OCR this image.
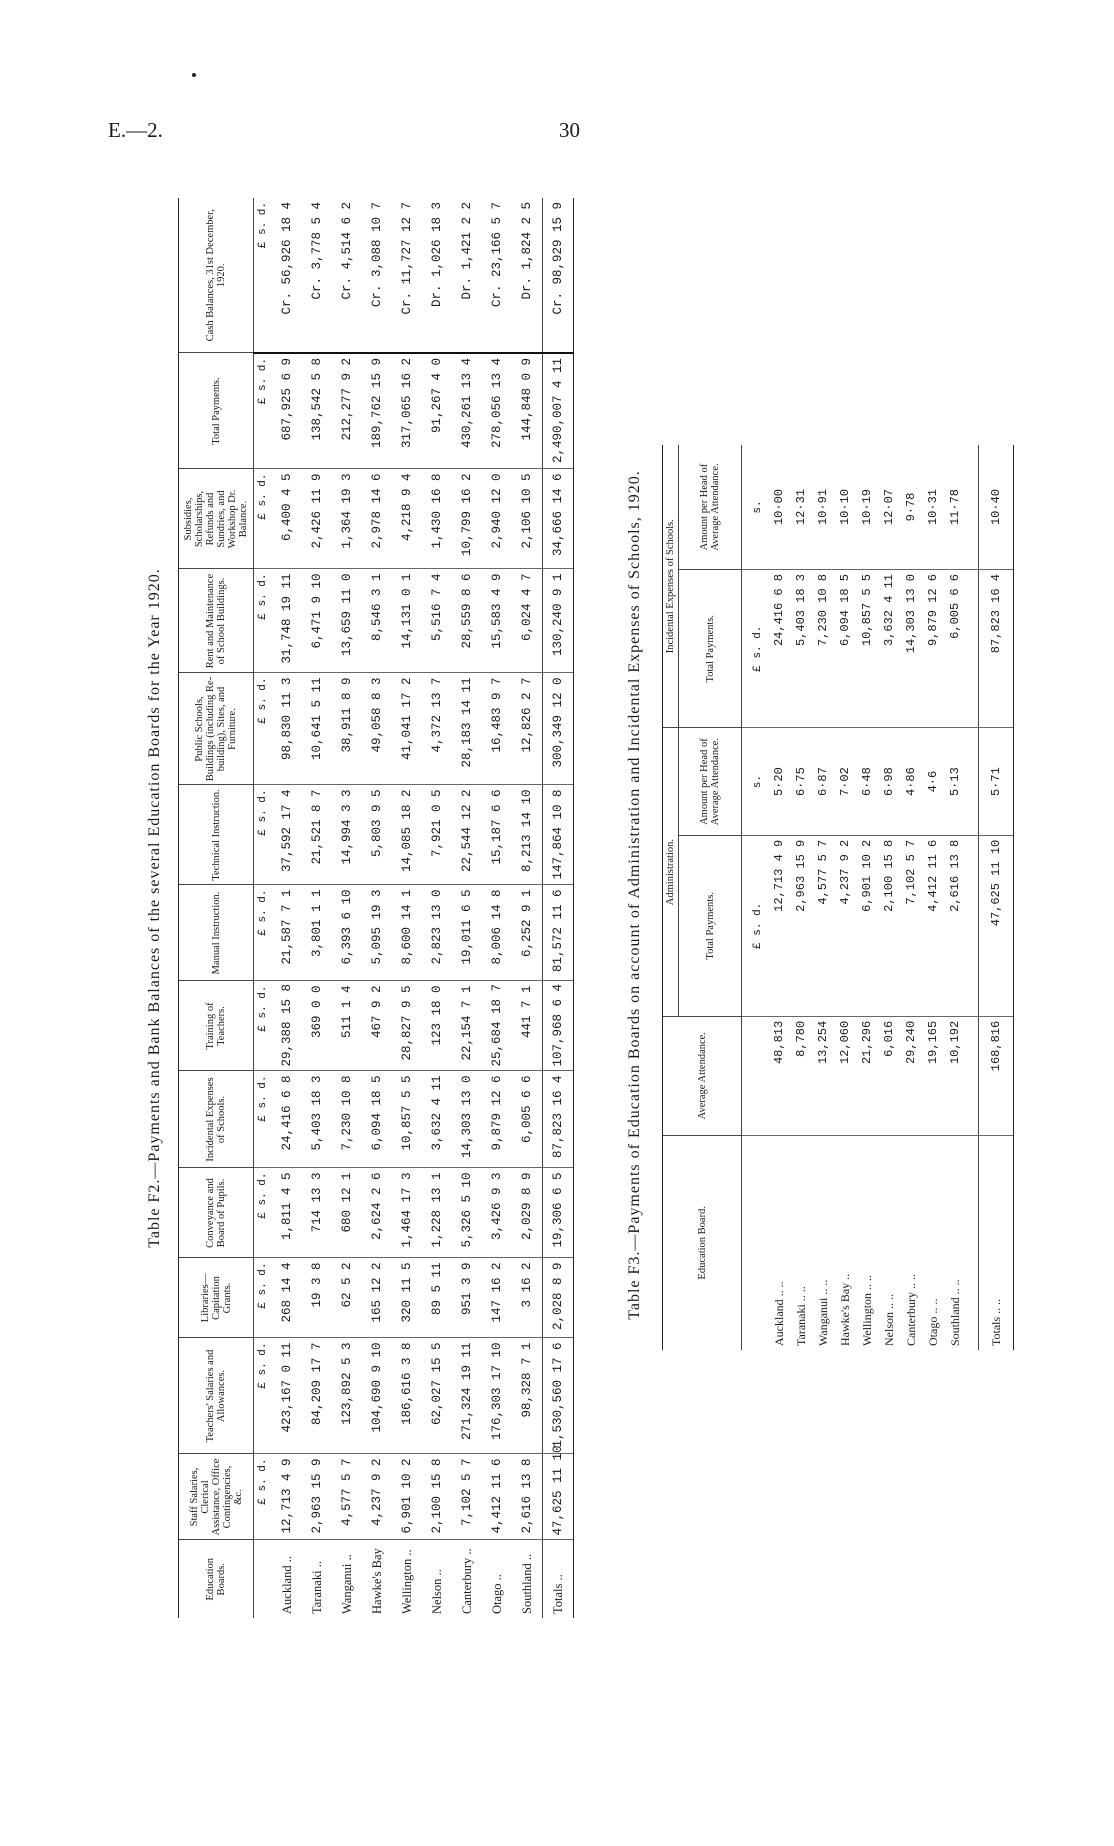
E.—2.	30
Table F2.—Payments and Bank Balances of the several Education Boards for the Year 1920.
Education Boards.	Staff Salaries, Clerical Assistance, Office Contingencies, &c.	Teachers' Salaries and Allowances.	Libraries—Capitation Grants.	Conveyance and Board of Pupils.	Incidental Expenses of Schools.	Training of Teachers.	Manual Instruction.	Technical Instruction.	Public Schools, Buildings (including Re-building), Sites, and Furniture.	Rent and Maintenance of School Buildings.	Subsidies, Scholarships, Refunds and Sundries, and Workshop Dr. Balance.	Total Payments.	Cash Balances, 31st December, 1920.
	£ s. d.	£ s. d.	£ s. d.	£ s. d.	£ s. d.	£ s. d.	£ s. d.	£ s. d.	£ s. d.	£ s. d.	£ s. d.	£ s. d.	£ s. d.
Auckland ..	12,713 4 9	423,167 0 11	268 14 4	1,811 4 5	24,416 6 8	29,388 15 8	21,587 7 1	37,592 17 4	98,830 11 3	31,748 19 11	6,400 4 5	687,925 6 9	Cr. 56,926 18 4
Taranaki ..	2,963 15 9	84,209 17 7	19 3 8	714 13 3	5,403 18 3	369 0 0	3,801 1 1	21,521 8 7	10,641 5 11	6,471 9 10	2,426 11 9	138,542 5 8	Cr. 3,778 5 4
Wanganui ..	4,577 5 7	123,892 5 3	62 5 2	680 12 1	7,230 10 8	511 1 4	6,393 6 10	14,994 3 3	38,911 8 9	13,659 11 0	1,364 19 3	212,277 9 2	Cr. 4,514 6 2
Hawke's Bay	4,237 9 2	104,690 9 10	165 12 2	2,624 2 6	6,094 18 5	467 9 2	5,095 19 3	5,803 9 5	49,058 8 3	8,546 3 1	2,978 14 6	189,762 15 9	Cr. 3,088 10 7
Wellington ..	6,901 10 2	186,616 3 8	320 11 5	1,464 17 3	10,857 5 5	28,827 9 5	8,600 14 1	14,085 18 2	41,041 17 2	14,131 0 1	4,218 9 4	317,065 16 2	Cr. 11,727 12 7
Nelson ..	2,100 15 8	62,027 15 5	89 5 11	1,228 13 1	3,632 4 11	123 18 0	2,823 13 0	7,921 0 5	4,372 13 7	5,516 7 4	1,430 16 8	91,267 4 0	Dr. 1,026 18 3
Canterbury ..	7,102 5 7	271,324 19 11	951 3 9	5,326 5 10	14,303 13 0	22,154 7 1	19,011 6 5	22,544 12 2	28,183 14 11	28,559 8 6	10,799 16 2	430,261 13 4	Dr. 1,421 2 2
Otago ..	4,412 11 6	176,303 17 10	147 16 2	3,426 9 3	9,879 12 6	25,684 18 7	8,006 14 8	15,187 6 6	16,483 9 7	15,583 4 9	2,940 12 0	278,056 13 4	Cr. 23,166 5 7
Southland ..	2,616 13 8	98,328 7 1	3 16 2	2,029 8 9	6,005 6 6	441 7 1	6,252 9 1	8,213 14 10	12,826 2 7	6,024 4 7	2,106 10 5	144,848 0 9	Dr. 1,824 2 5
Totals ..	47,625 11 10	1,530,560 17 6	2,028 8 9	19,306 6 5	87,823 16 4	107,968 6 4	81,572 11 6	147,864 10 8	300,349 12 0	130,240 9 1	34,666 14 6	2,490,007 4 11	Cr. 98,929 15 9
Table F3.—Payments of Education Boards on account of Administration and Incidental Expenses of Schools, 1920.	Education Board.	Average Attendance.	Administration.		Incidental Expenses of Schools.	
		Total Payments.	Amount per Head of Average Attendance.	Total Payments.	Amount per Head of Average Attendance.
		£ s. d.	s.	£ s. d.	s.
Auckland .. ..	48,813	12,713 4 9	5·20	24,416 6 8	10·00
Taranaki .. ..	8,780	2,963 15 9	6·75	5,403 18 3	12·31
Wanganui .. ..	13,254	4,577 5 7	6·87	7,230 10 8	10·91
Hawke's Bay ..	12,060	4,237 9 2	7·02	6,094 18 5	10·10
Wellington .. ..	21,296	6,901 10 2	6·48	10,857 5 5	10·19
Nelson .. ..	6,016	2,100 15 8	6·98	3,632 4 11	12·07
Canterbury .. ..	29,240	7,102 5 7	4·86	14,303 13 0	9·78
Otago .. ..	19,165	4,412 11 6	4·6	9,879 12 6	10·31
Southland .. ..	10,192	2,616 13 8	5·13	6,005 6 6	11·78

Totals .. ..	168,816	47,625 11 10	5·71	87,823 16 4	10·40
